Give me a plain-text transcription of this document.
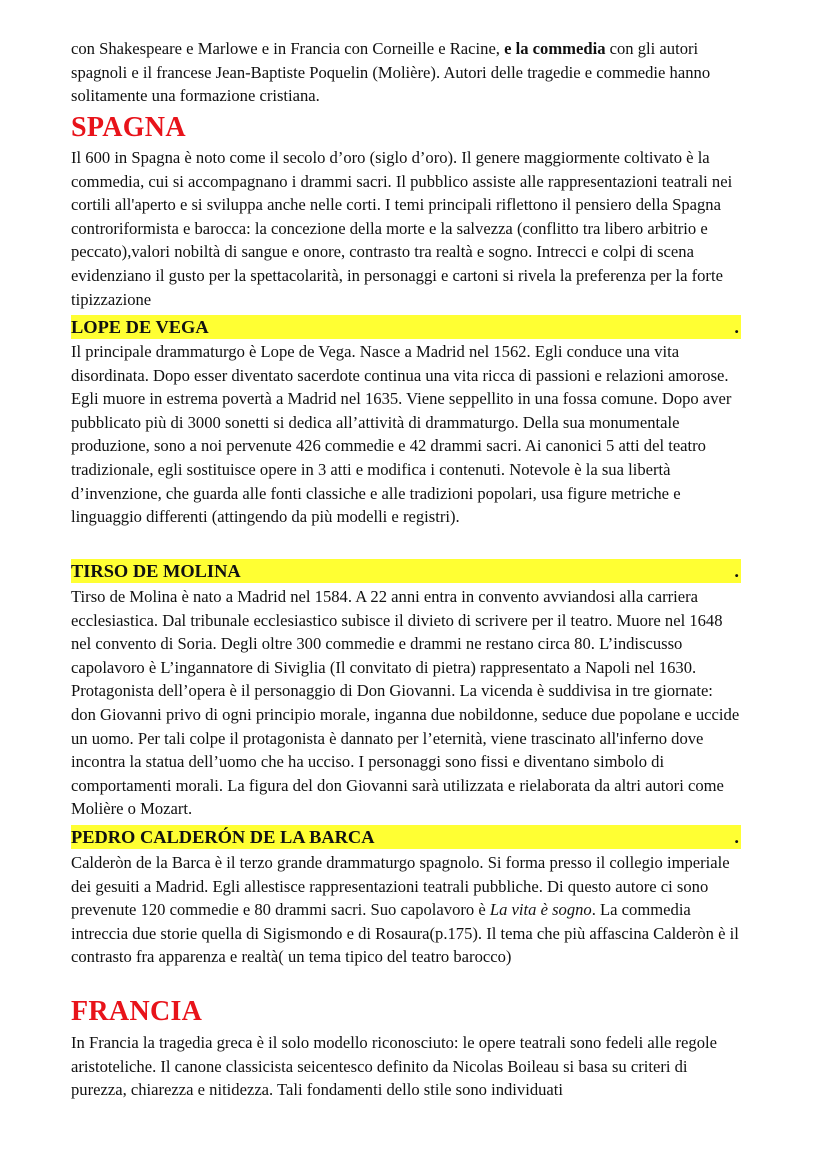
con Shakespeare e Marlowe e in Francia con Corneille e Racine, e la commedia con gli autori spagnoli e il francese Jean-Baptiste Poquelin (Molière). Autori delle tragedie e commedie hanno solitamente una formazione cristiana.

SPAGNA

Il 600 in Spagna è noto come il secolo d’oro (siglo d’oro). Il genere maggiormente coltivato è la commedia, cui si accompagnano i drammi sacri. Il pubblico assiste alle rappresentazioni teatrali nei cortili all'aperto e si sviluppa anche nelle corti. I temi principali riflettono il pensiero della Spagna controriformista e barocca: la concezione della morte e la salvezza (conflitto tra libero arbitrio e peccato),valori nobiltà di sangue e onore, contrasto tra realtà e sogno. Intrecci e colpi di scena evidenziano il gusto per la spettacolarità, in personaggi e cartoni si rivela la preferenza per la forte tipizzazione

LOPE DE VEGA	.

Il principale drammaturgo è Lope de Vega. Nasce a Madrid nel 1562. Egli conduce una vita disordinata. Dopo esser diventato sacerdote continua una vita ricca di passioni e relazioni amorose. Egli muore in estrema povertà a Madrid nel 1635. Viene seppellito in una fossa comune. Dopo aver pubblicato più di 3000 sonetti si dedica all’attività di drammaturgo. Della sua monumentale produzione, sono a noi pervenute 426 commedie e 42 drammi sacri. Ai canonici 5 atti del teatro tradizionale, egli sostituisce opere in 3 atti e modifica i contenuti. Notevole è la sua libertà d’invenzione, che guarda alle fonti classiche e alle tradizioni popolari, usa figure metriche e linguaggio differenti (attingendo da più modelli e registri).

TIRSO DE MOLINA	.

Tirso de Molina è nato a Madrid nel 1584. A 22 anni entra in convento avviandosi alla carriera ecclesiastica. Dal tribunale ecclesiastico subisce il divieto di scrivere per il teatro. Muore nel 1648 nel convento di Soria. Degli oltre 300 commedie e drammi ne restano circa 80. L’indiscusso capolavoro è L’ingannatore di Siviglia (Il convitato di pietra) rappresentato a Napoli nel 1630. Protagonista dell’opera è il personaggio di Don Giovanni. La vicenda è suddivisa in tre giornate: don Giovanni privo di ogni principio morale, inganna due nobildonne, seduce due popolane e uccide un uomo. Per tali colpe il protagonista è dannato per l’eternità, viene trascinato all'inferno dove incontra la statua dell’uomo che ha ucciso. I personaggi sono fissi e diventano simbolo di comportamenti morali. La figura del don Giovanni sarà utilizzata e rielaborata da altri autori come Molière o Mozart.

PEDRO CALDERÓN DE LA BARCA	.

Calderòn de la Barca è il terzo grande drammaturgo spagnolo. Si forma presso il collegio imperiale dei gesuiti a Madrid. Egli allestisce rappresentazioni teatrali pubbliche. Di questo autore ci sono prevenute 120 commedie e 80 drammi sacri. Suo capolavoro è La vita è sogno. La commedia intreccia due storie quella di Sigismondo e di Rosaura(p.175). Il tema che più affascina Calderòn è il contrasto fra apparenza e realtà( un tema tipico del teatro barocco)

FRANCIA

In Francia la tragedia greca è il solo modello riconosciuto: le opere teatrali sono fedeli alle regole aristoteliche. Il canone classicista seicentesco definito da Nicolas Boileau si basa su criteri di purezza, chiarezza e nitidezza. Tali fondamenti dello stile sono individuati
